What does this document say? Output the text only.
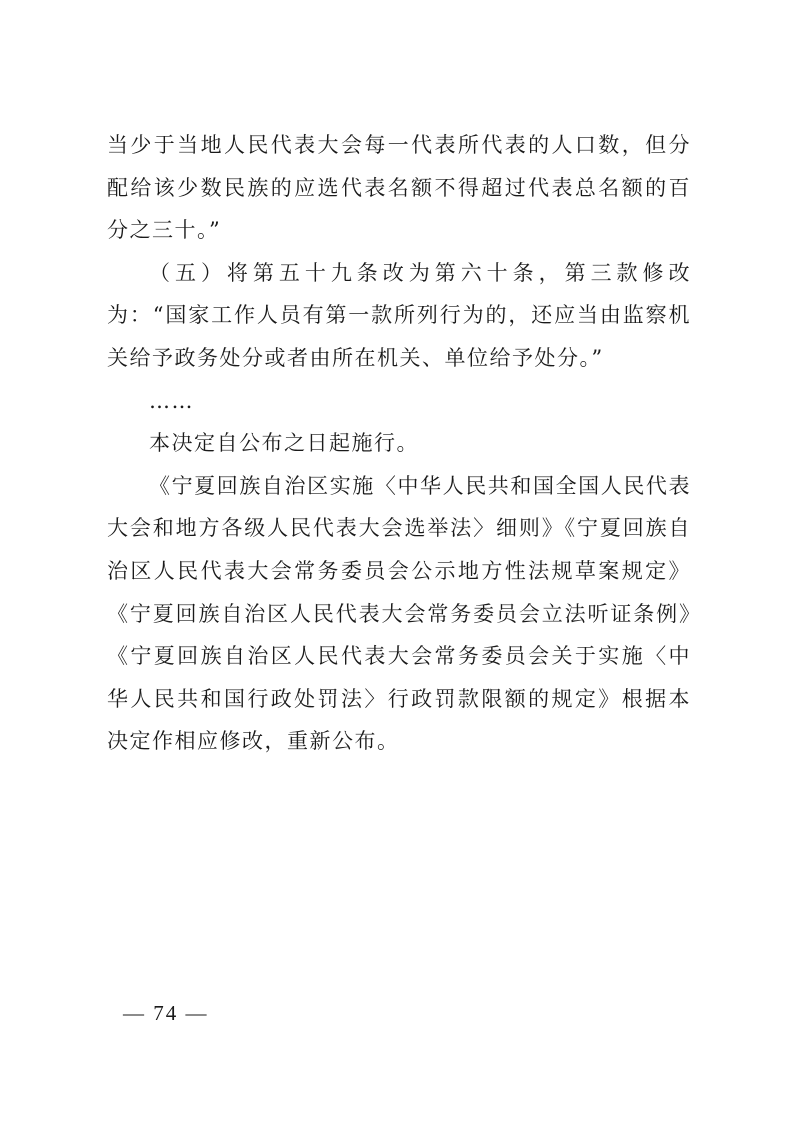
当少于当地人民代表大会每一代表所代表的人口数，但分配给该少数民族的应选代表名额不得超过代表总名额的百分之三十。”

（五）将第五十九条改为第六十条，第三款修改为：“国家工作人员有第一款所列行为的，还应当由监察机关给予政务处分或者由所在机关、单位给予处分。”

……

本决定自公布之日起施行。

《宁夏回族自治区实施〈中华人民共和国全国人民代表大会和地方各级人民代表大会选举法〉细则》《宁夏回族自治区人民代表大会常务委员会公示地方性法规草案规定》《宁夏回族自治区人民代表大会常务委员会立法听证条例》《宁夏回族自治区人民代表大会常务委员会关于实施〈中华人民共和国行政处罚法〉行政罚款限额的规定》根据本决定作相应修改，重新公布。

— 74 —
